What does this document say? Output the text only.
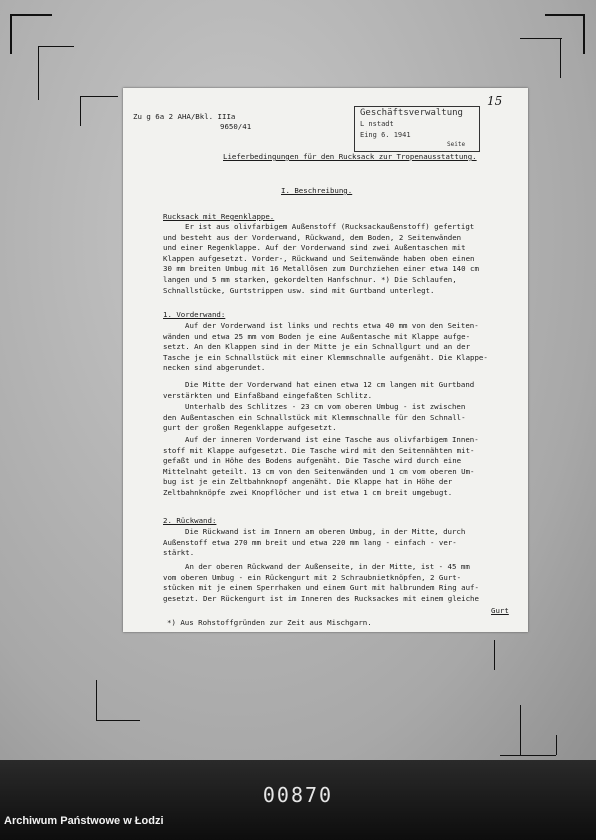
Zu g 6a 2 AHA/Bkl. IIIa
9650/41
Geschäftsverwaltung
L nstadt
Eing 6. 1941
Seite
15
Lieferbedingungen für den Rucksack zur Tropenausstattung.
I. Beschreibung.
Rucksack mit Regenklappe.
Er ist aus olivfarbigem Außenstoff (Rucksackaußenstoff) gefertigt
und besteht aus der Vorderwand, Rückwand, dem Boden, 2 Seitenwänden
und einer Regenklappe. Auf der Vorderwand sind zwei Außentaschen mit
Klappen aufgesetzt. Vorder-, Rückwand und Seitenwände haben oben einen
30 mm breiten Umbug mit 16 Metallösen zum Durchziehen einer etwa 140 cm
langen und 5 mm starken, gekordelten Hanfschnur. *) Die Schlaufen,
Schnallstücke, Gurtstrippen usw. sind mit Gurtband unterlegt.
1. Vorderwand:
Auf der Vorderwand ist links und rechts etwa 40 mm von den Seiten-
wänden und etwa 25 mm vom Boden je eine Außentasche mit Klappe aufge-
setzt. An den Klappen sind in der Mitte je ein Schnallgurt und an der
Tasche je ein Schnallstück mit einer Klemmschnalle aufgenäht. Die Klappe-
necken sind abgerundet.
Die Mitte der Vorderwand hat einen etwa 12 cm langen mit Gurtband
verstärkten und Einfaßband eingefaßten Schlitz.
Unterhalb des Schlitzes - 23 cm vom oberen Umbug - ist zwischen
den Außentaschen ein Schnallstück mit Klemmschnalle für den Schnall-
gurt der großen Regenklappe aufgesetzt.
Auf der inneren Vorderwand ist eine Tasche aus olivfarbigem Innen-
stoff mit Klappe aufgesetzt. Die Tasche wird mit den Seitennähten mit-
gefaßt und in Höhe des Bodens aufgenäht. Die Tasche wird durch eine
Mittelnaht geteilt. 13 cm von den Seitenwänden und 1 cm vom oberen Um-
bug ist je ein Zeltbahnknopf angenäht. Die Klappe hat in Höhe der
Zeltbahnknöpfe zwei Knopflöcher und ist etwa 1 cm breit umgebugt.
2. Rückwand:
Die Rückwand ist im Innern am oberen Umbug, in der Mitte, durch
Außenstoff etwa 270 mm breit und etwa 220 mm lang - einfach - ver-
stärkt.
An der oberen Rückwand der Außenseite, in der Mitte, ist - 45 mm
vom oberen Umbug - ein Rückengurt mit 2 Schraubnietknöpfen, 2 Gurt-
stücken mit je einem Sperrhaken und einem Gurt mit halbrundem Ring auf-
gesetzt. Der Rückengurt ist im Inneren des Rucksackes mit einem gleiche
Gurt
*) Aus Rohstoffgründen zur Zeit aus Mischgarn.
00870
Archiwum Państwowe w Łodzi
